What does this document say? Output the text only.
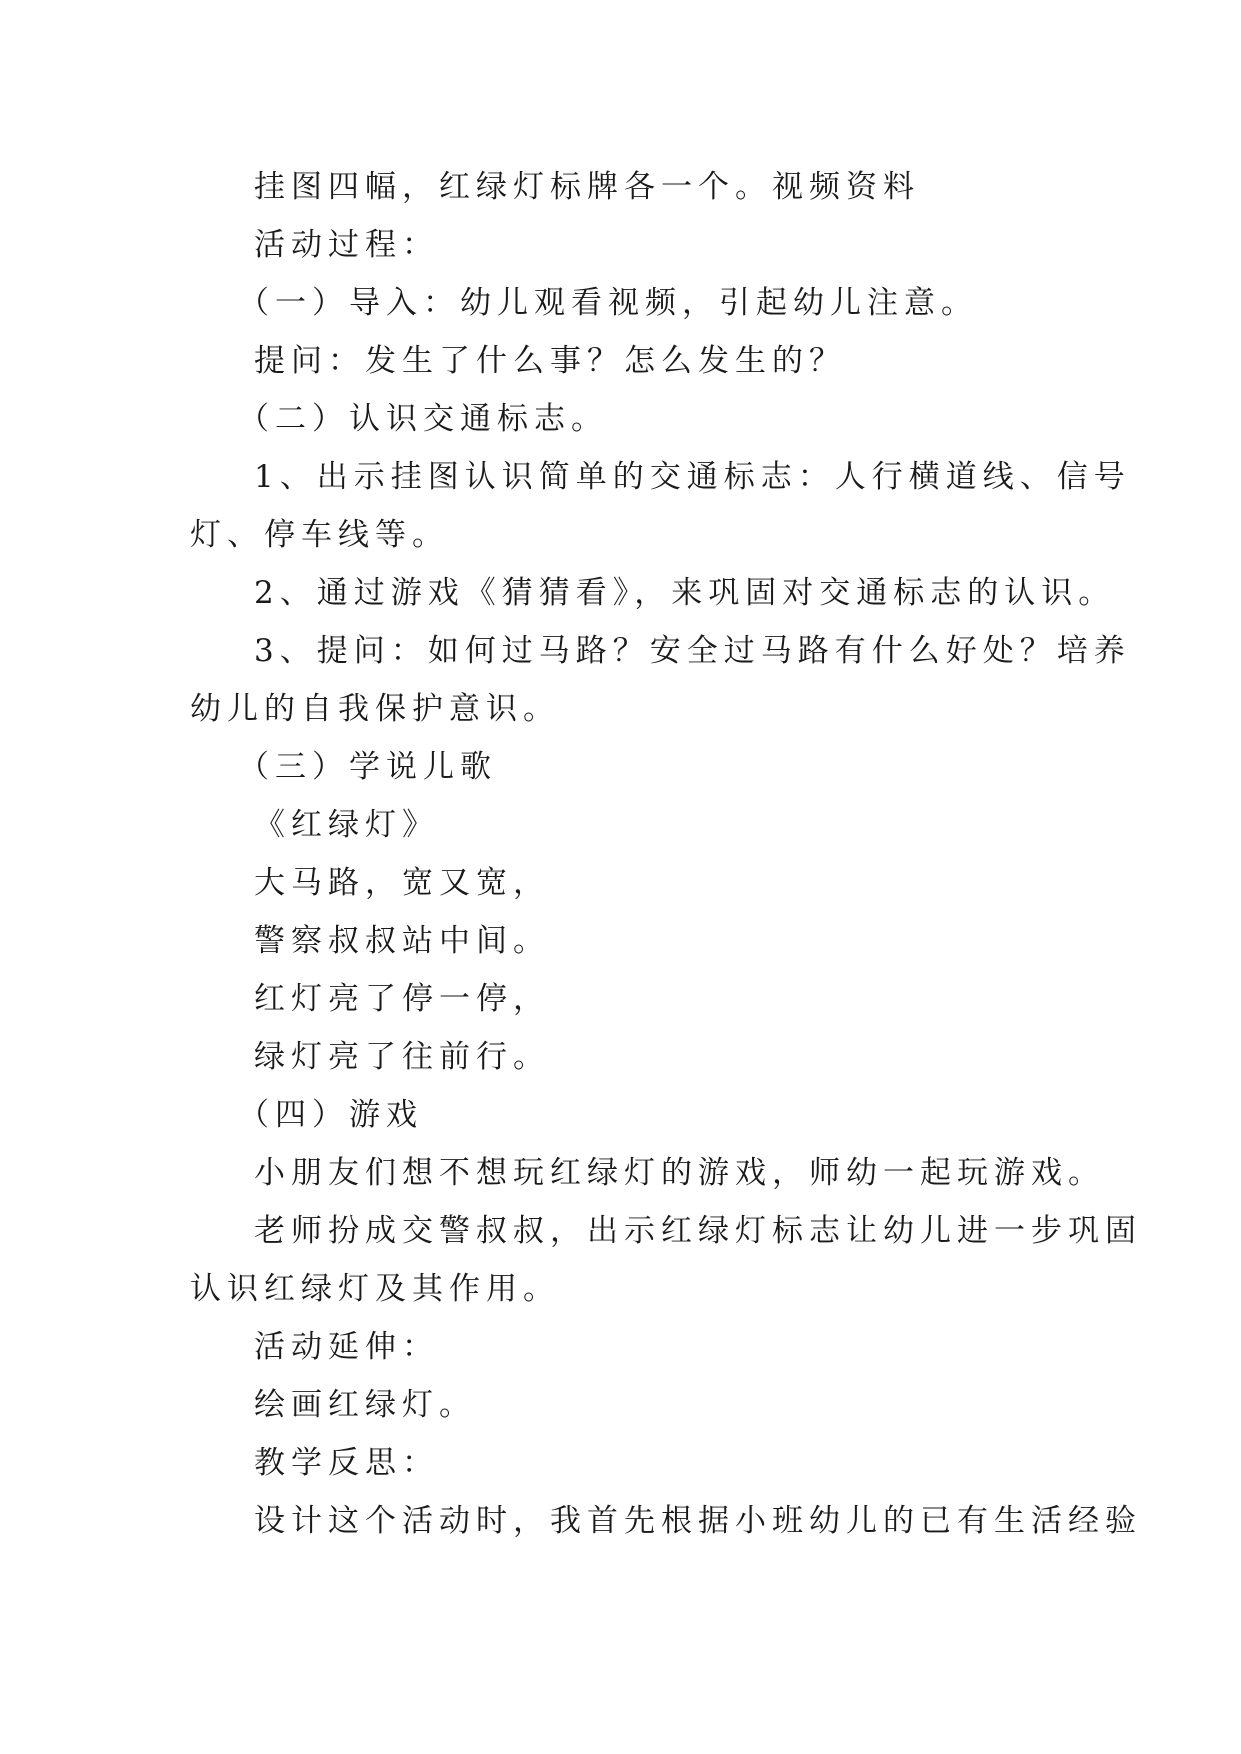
挂图四幅，红绿灯标牌各一个。视频资料
活动过程：
（一）导入：幼儿观看视频，引起幼儿注意。
提问：发生了什么事？怎么发生的？
（二）认识交通标志。
1、出示挂图认识简单的交通标志：人行横道线、信号
灯、停车线等。
2、通过游戏《猜猜看》，来巩固对交通标志的认识。
3、提问：如何过马路？安全过马路有什么好处？培养
幼儿的自我保护意识。
（三）学说儿歌
《红绿灯》
大马路，宽又宽，
警察叔叔站中间。
红灯亮了停一停，
绿灯亮了往前行。
（四）游戏
小朋友们想不想玩红绿灯的游戏，师幼一起玩游戏。
老师扮成交警叔叔，出示红绿灯标志让幼儿进一步巩固
认识红绿灯及其作用。
活动延伸：
绘画红绿灯。
教学反思：
设计这个活动时，我首先根据小班幼儿的已有生活经验
